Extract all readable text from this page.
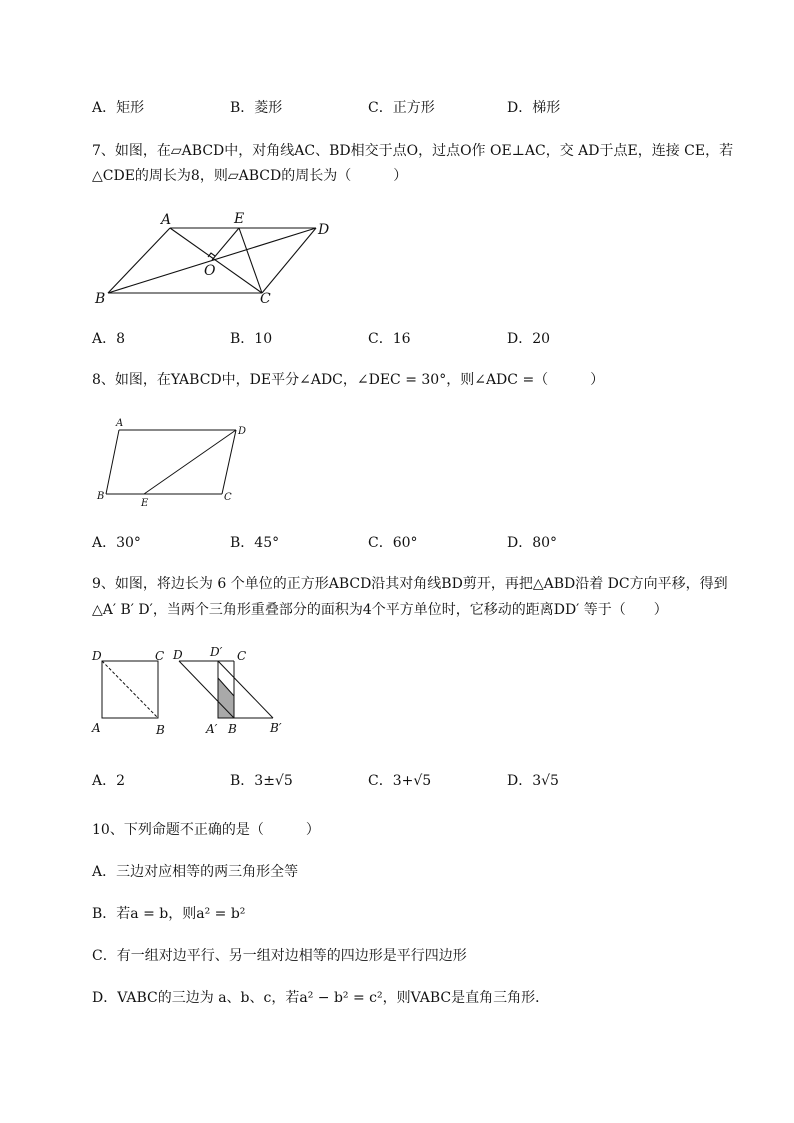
A．矩形	B．菱形	C．正方形	D．梯形
7、如图，在▱ABCD中，对角线AC、BD相交于点O，过点O作 OE⊥AC，交 AD于点E，连接 CE，若
△CDE的周长为8，则▱ABCD的周长为（　　　）
A	E
D
O
B	C
A．8	B．10	C．16	D．20
8、如图，在YABCD中，DE平分∠ADC，∠DEC = 30°，则∠ADC =（　　　）
A
D
B
E
C
A．30°	B．45°	C．60°	D．80°
9、如图，将边长为 6 个单位的正方形ABCD沿其对角线BD剪开，再把△ABD沿着 DC方向平移，得到
△A′ B′ D′，当两个三角形重叠部分的面积为4个平方单位时，它移动的距离DD′ 等于（　　）
D	C
A	B
D D′ C
A′ B	B′
A．2	B．3±√5	C．3+√5	D．3√5
10、下列命题不正确的是（　　　）
A．三边对应相等的两三角形全等
B．若a = b，则a² = b²
C．有一组对边平行、另一组对边相等的四边形是平行四边形
D．VABC的三边为 a、b、c，若a² − b² = c²，则VABC是直角三角形．
